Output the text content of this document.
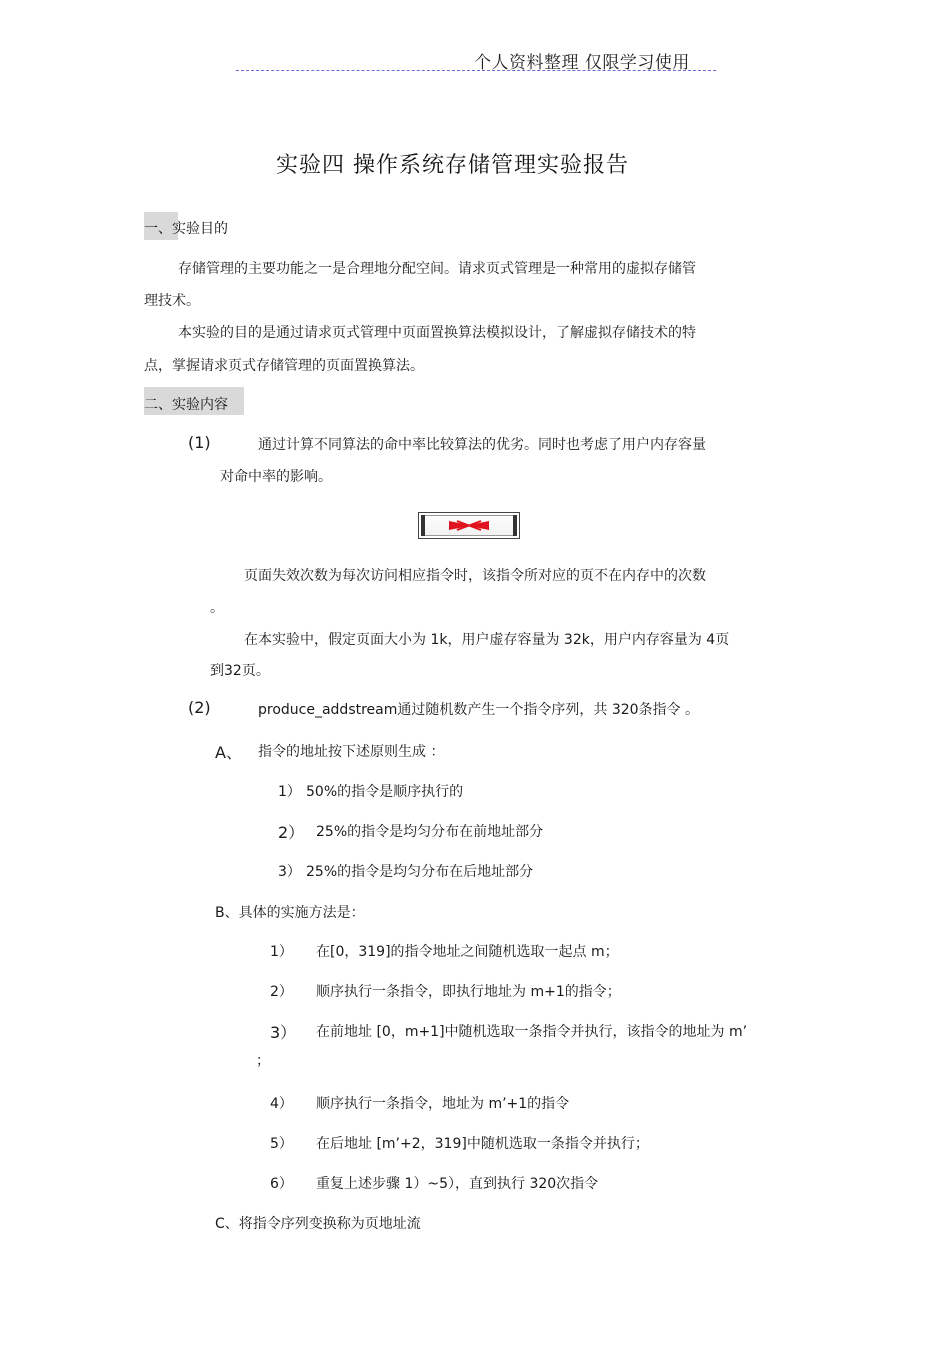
个人资料整理 仅限学习使用
实验四 操作系统存储管理实验报告
一、实验目的
存储管理的主要功能之一是合理地分配空间。请求页式管理是一种常用的虚拟存储管
理技术。
本实验的目的是通过请求页式管理中页面置换算法模拟设计，了解虚拟存储技术的特
点，掌握请求页式存储管理的页面置换算法。
二、实验内容
(1)	通过计算不同算法的命中率比较算法的优劣。同时也考虑了用户内存容量
对命中率的影响。
页面失效次数为每次访问相应指令时，该指令所对应的页不在内存中的次数
。
在本实验中，假定页面大小为 1k，用户虚存容量为 32k，用户内存容量为 4页
到32页。
(2)	produce_addstream通过随机数产生一个指令序列，共 320条指令 。
A、 指令的地址按下述原则生成 ：
1） 50%的指令是顺序执行的
2） 25%的指令是均匀分布在前地址部分
3） 25%的指令是均匀分布在后地址部分
B、具体的实施方法是：
1） 在[0，319]的指令地址之间随机选取一起点 m；
2） 顺序执行一条指令，即执行地址为 m+1的指令；
3） 在前地址 [0，m+1]中随机选取一条指令并执行，该指令的地址为 m’
；
4） 顺序执行一条指令，地址为 m’+1的指令
5） 在后地址 [m’+2，319]中随机选取一条指令并执行；
6） 重复上述步骤 1）~5），直到执行 320次指令
C、将指令序列变换称为页地址流
